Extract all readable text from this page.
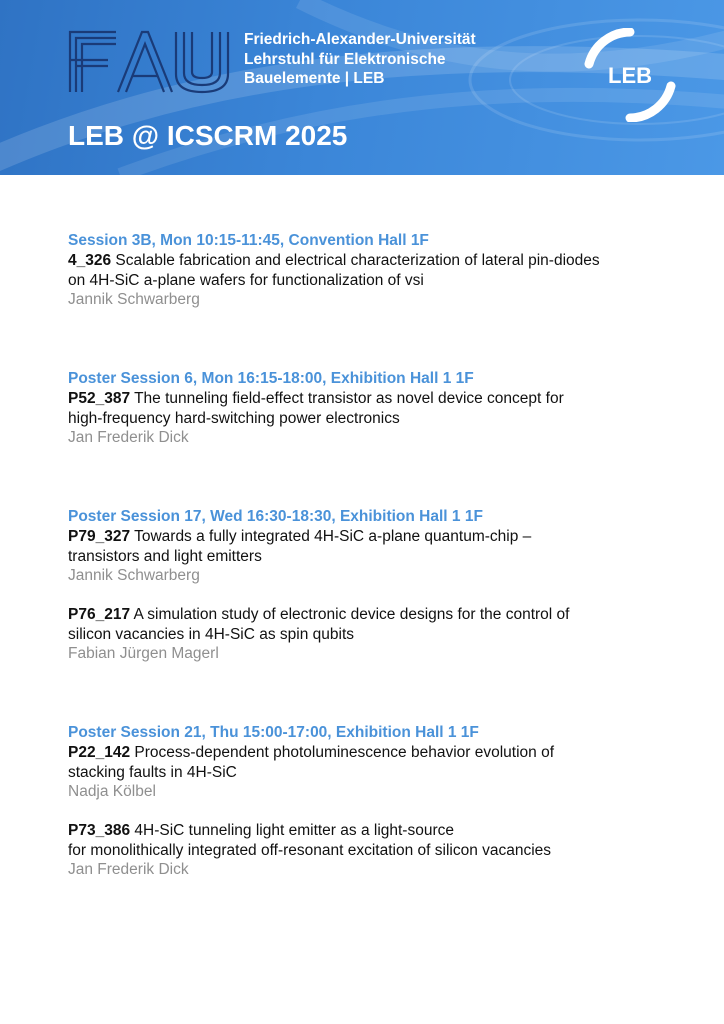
Friedrich-Alexander-Universität
Lehrstuhl für Elektronische
Bauelemente | LEB	LEB
LEB @ ICSCRM 2025
Session 3B, Mon 10:15-11:45, Convention Hall 1F
4_326 Scalable fabrication and electrical characterization of lateral pin-diodes
on 4H-SiC a-plane wafers for functionalization of vsi
Jannik Schwarberg
Poster Session 6, Mon 16:15-18:00, Exhibition Hall 1 1F
P52_387 The tunneling field-effect transistor as novel device concept for
high-frequency hard-switching power electronics
Jan Frederik Dick
Poster Session 17, Wed 16:30-18:30, Exhibition Hall 1 1F
P79_327 Towards a fully integrated 4H-SiC a-plane quantum-chip –
transistors and light emitters
Jannik Schwarberg
P76_217 A simulation study of electronic device designs for the control of
silicon vacancies in 4H-SiC as spin qubits
Fabian Jürgen Magerl
Poster Session 21, Thu 15:00-17:00, Exhibition Hall 1 1F
P22_142 Process-dependent photoluminescence behavior evolution of
stacking faults in 4H-SiC
Nadja Kölbel
P73_386 4H-SiC tunneling light emitter as a light-source
for monolithically integrated off-resonant excitation of silicon vacancies
Jan Frederik Dick
